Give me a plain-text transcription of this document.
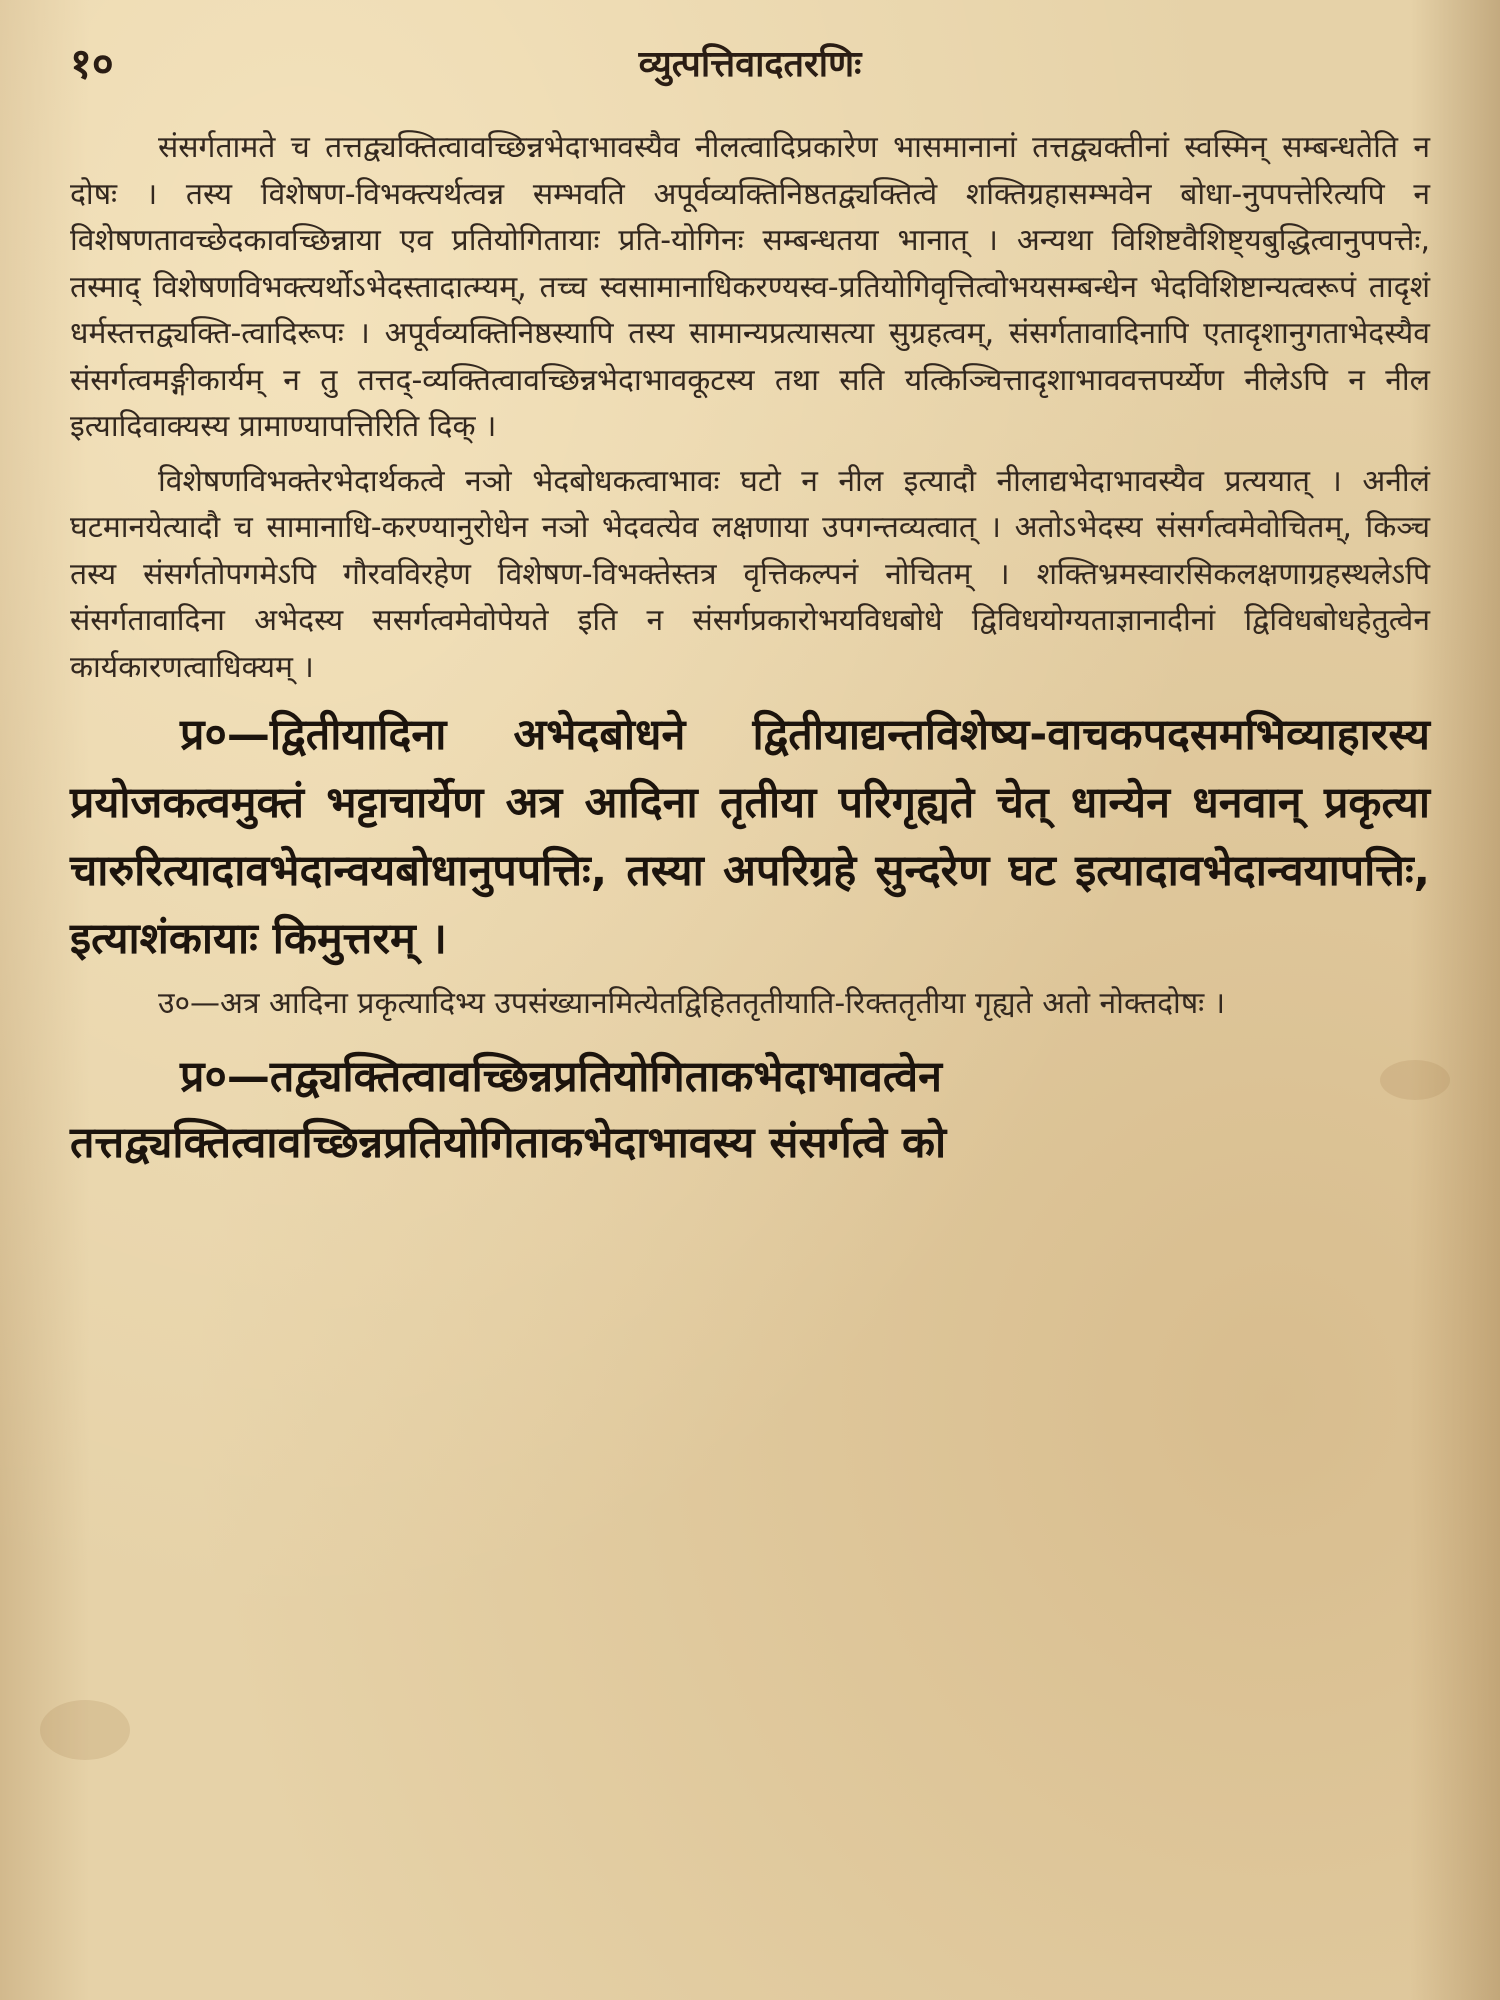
१०	व्युत्पत्तिवादतरणिः

संसर्गतामते च तत्तद्व्यक्तित्वावच्छिन्नभेदाभावस्यैव नीलत्वादिप्रकारेण भासमानानां तत्तद्व्यक्तीनां स्वस्मिन् सम्बन्धतेति न दोषः । तस्य विशेषण-विभक्त्यर्थत्वन्न सम्भवति अपूर्वव्यक्तिनिष्ठतद्व्यक्तित्वे शक्तिग्रहासम्भवेन बोधा-नुपपत्तेरित्यपि न विशेषणतावच्छेदकावच्छिन्नाया एव प्रतियोगितायाः प्रति-योगिनः सम्बन्धतया भानात् । अन्यथा विशिष्टवैशिष्ट्यबुद्धित्वानुपपत्तेः, तस्माद् विशेषणविभक्त्यर्थोऽभेदस्तादात्म्यम्, तच्च स्वसामानाधिकरण्यस्व-प्रतियोगिवृत्तित्वोभयसम्बन्धेन भेदविशिष्टान्यत्वरूपं तादृशं धर्मस्तत्तद्व्यक्ति-त्वादिरूपः । अपूर्वव्यक्तिनिष्ठस्यापि तस्य सामान्यप्रत्यासत्या सुग्रहत्वम्, संसर्गतावादिनापि एतादृशानुगताभेदस्यैव संसर्गत्वमङ्गीकार्यम् न तु तत्तद्-व्यक्तित्वावच्छिन्नभेदाभावकूटस्य तथा सति यत्किञ्चित्तादृशाभाववत्तपर्य्येण नीलेऽपि न नील इत्यादिवाक्यस्य प्रामाण्यापत्तिरिति दिक् ।

विशेषणविभक्तेरभेदार्थकत्वे नञो भेदबोधकत्वाभावः घटो न नील इत्यादौ नीलाद्यभेदाभावस्यैव प्रत्ययात् । अनीलं घटमानयेत्यादौ च सामानाधि-करण्यानुरोधेन नञो भेदवत्येव लक्षणाया उपगन्तव्यत्वात् । अतोऽभेदस्य संसर्गत्वमेवोचितम्, किञ्च तस्य संसर्गतोपगमेऽपि गौरवविरहेण विशेषण-विभक्तेस्तत्र वृत्तिकल्पनं नोचितम् । शक्तिभ्रमस्वारसिकलक्षणाग्रहस्थलेऽपि संसर्गतावादिना अभेदस्य ससर्गत्वमेवोपेयते इति न संसर्गप्रकारोभयविधबोधे द्विविधयोग्यताज्ञानादीनां द्विविधबोधहेतुत्वेन कार्यकारणत्वाधिक्यम् ।

प्र०—द्वितीयादिना अभेदबोधने द्वितीयाद्यन्तविशेष्य-वाचकपदसमभिव्याहारस्य प्रयोजकत्वमुक्तं भट्टाचार्येण अत्र आदिना तृतीया परिगृह्यते चेत् धान्येन धनवान् प्रकृत्या चारुरित्यादावभेदान्वयबोधानुपपत्तिः, तस्या अपरिग्रहे सुन्दरेण घट इत्यादावभेदान्वयापत्तिः, इत्याशंकायाः किमुत्तरम् ।

उ०—अत्र आदिना प्रकृत्यादिभ्य उपसंख्यानमित्येतद्विहिततृतीयाति-रिक्ततृतीया गृह्यते अतो नोक्तदोषः ।

प्र०—तद्व्यक्तित्वावच्छिन्नप्रतियोगिताकभेदाभावत्वेन तत्तद्व्यक्तित्वावच्छिन्नप्रतियोगिताकभेदाभावस्य संसर्गत्वे को
